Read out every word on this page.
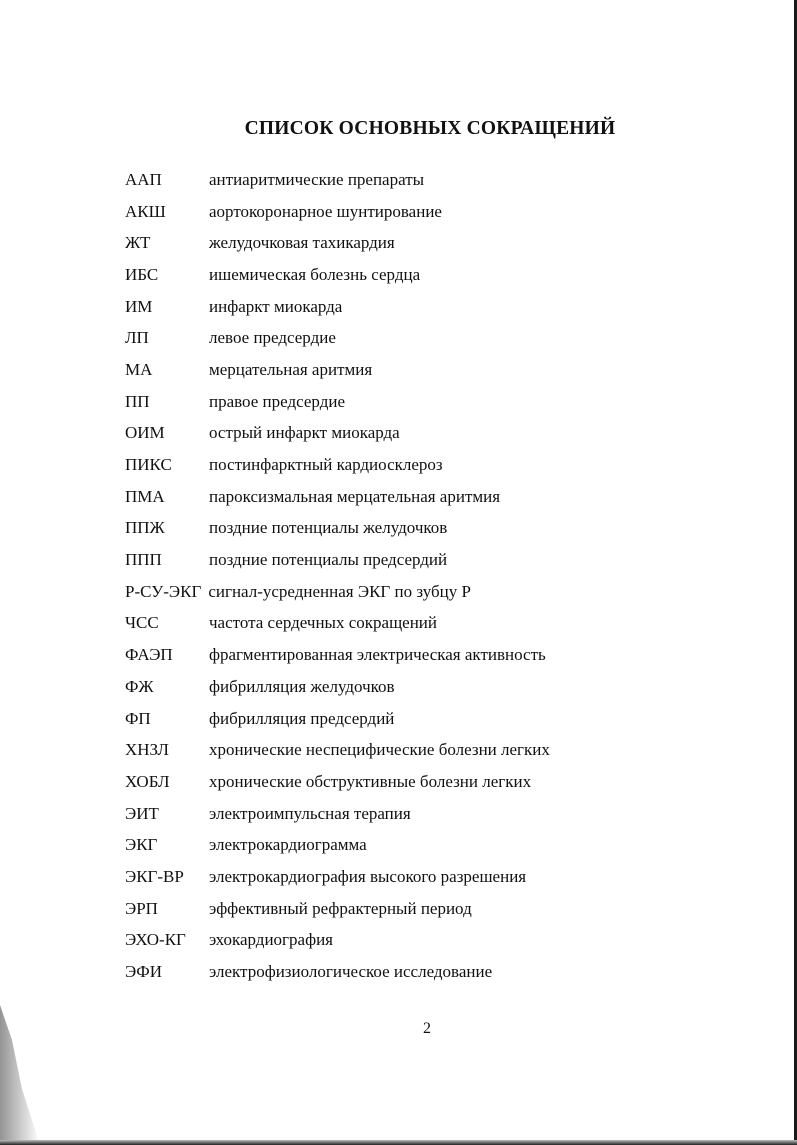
СПИСОК ОСНОВНЫХ СОКРАЩЕНИЙ
ААП	антиаритмические препараты
АКШ	аортокоронарное шунтирование
ЖТ	желудочковая тахикардия
ИБС	ишемическая болезнь сердца
ИМ	инфаркт миокарда
ЛП	левое предсердие
МА	мерцательная аритмия
ПП	правое предсердие
ОИМ	острый инфаркт миокарда
ПИКС	постинфарктный кардиосклероз
ПМА	пароксизмальная мерцательная аритмия
ППЖ	поздние потенциалы желудочков
ППП	поздние потенциалы предсердий
Р-СУ-ЭКГ сигнал-усредненная ЭКГ по зубцу Р
ЧСС	частота сердечных сокращений
ФАЭП	фрагментированная электрическая активность
ФЖ	фибрилляция желудочков
ФП	фибрилляция предсердий
ХНЗЛ	хронические неспецифические болезни легких
ХОБЛ	хронические обструктивные болезни легких
ЭИТ	электроимпульсная терапия
ЭКГ	электрокардиограмма
ЭКГ-ВР	электрокардиография высокого разрешения
ЭРП	эффективный рефрактерный период
ЭХО-КГ	эхокардиография
ЭФИ	электрофизиологическое исследование
2
